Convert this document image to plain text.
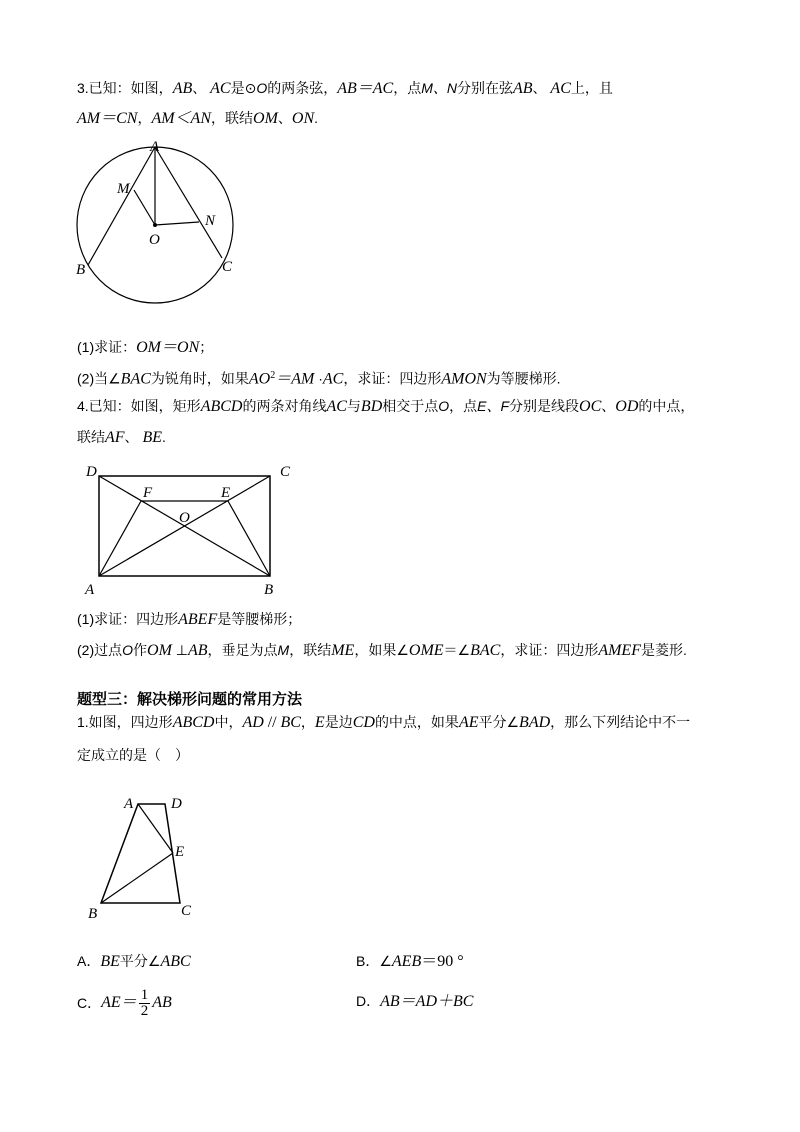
3.已知：如图，AB、 AC是⊙O的两条弦，AB＝AC，点M、N分别在弦AB、 AC上，且
AM＝CN，AM＜AN，联结OM、ON.
A
M
N
O
B	C
D	C
F	E
O
A	B
A	D
E
B	C
(1)求证：OM＝ON；
(2)当∠BAC为锐角时，如果$AO^2=AM \cdot AC$，求证：四边形AMON为等腰梯形.
4.已知：如图，矩形ABCD的两条对角线AC与BD相交于点O，点E、F分别是线段OC、OD的中点，
联结AF、 BE.
(1)求证：四边形ABEF是等腰梯形；
(2)过点O作OM ⊥AB，垂足为点M，联结ME，如果∠OME＝∠BAC，求证：四边形AMEF是菱形.
题型三：解决梯形问题的常用方法
1.如图，四边形ABCD中，AD // BC，E是边CD的中点，如果AE平分∠BAD，那么下列结论中不一
定成立的是（　）
A．BE平分∠ABC	B．∠AEB＝90 °
C． $AE= \frac{1}{2}$ AB	D．AB＝AD＋BC
